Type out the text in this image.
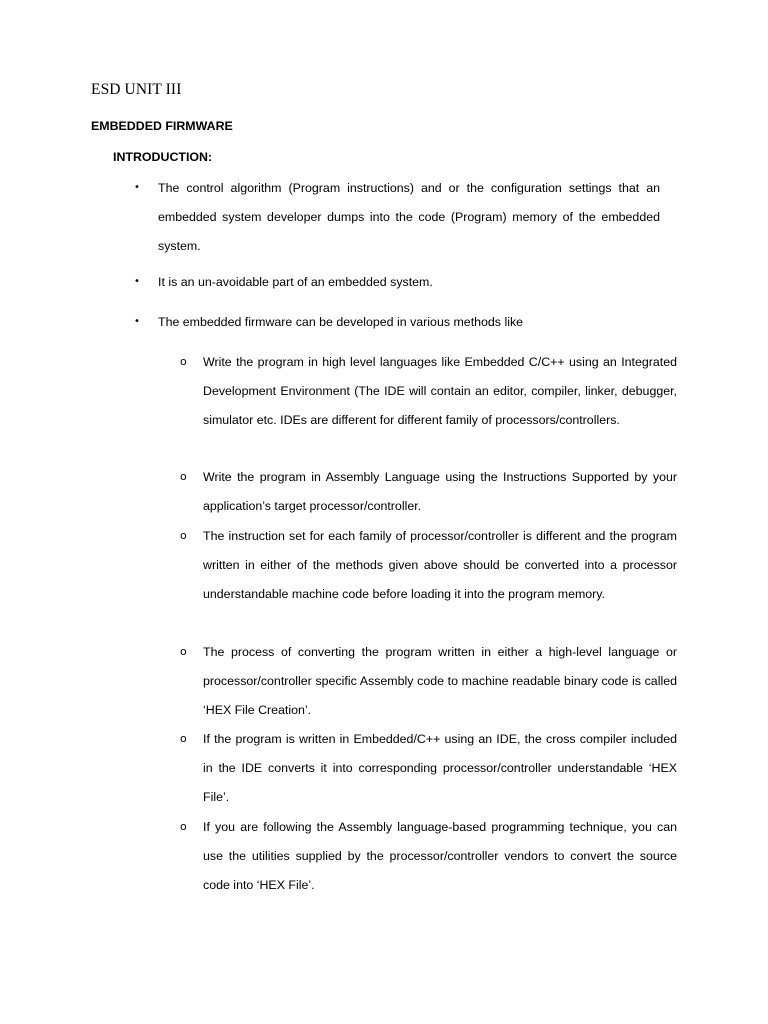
ESD UNIT III
EMBEDDED FIRMWARE
INTRODUCTION:
• The control algorithm (Program instructions) and or the configuration settings that an embedded system developer dumps into the code (Program) memory of the embedded system.

• It is an un-avoidable part of an embedded system.

• The embedded firmware can be developed in various methods like

o Write the program in high level languages like Embedded C/C++ using an Integrated Development Environment (The IDE will contain an editor, compiler, linker, debugger, simulator etc. IDEs are different for different family of processors/controllers.

o Write the program in Assembly Language using the Instructions Supported by your application’s target processor/controller.

o The instruction set for each family of processor/controller is different and the program written in either of the methods given above should be converted into a processor understandable machine code before loading it into the program memory.

o The process of converting the program written in either a high-level language or processor/controller specific Assembly code to machine readable binary code is called ‘HEX File Creation’.

o If the program is written in Embedded/C++ using an IDE, the cross compiler included in the IDE converts it into corresponding processor/controller understandable ‘HEX File’.

o If you are following the Assembly language-based programming technique, you can use the utilities supplied by the processor/controller vendors to convert the source code into ‘HEX File’.
